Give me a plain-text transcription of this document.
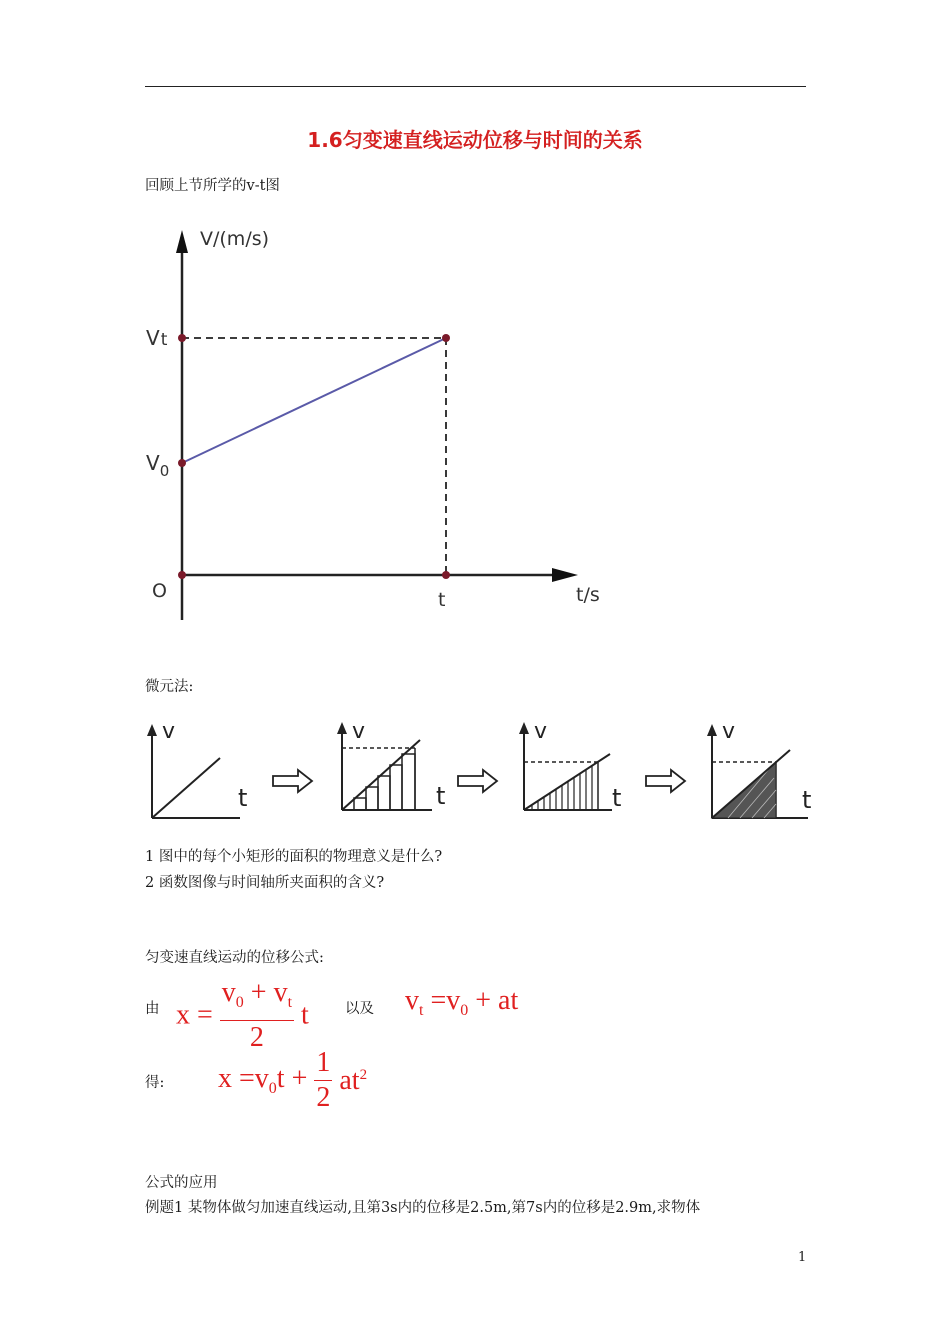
1.6匀变速直线运动位移与时间的关系
回顾上节所学的v-t图
V/(m/s)
t/s
O	t
Vt
$V_0$
微元法:
v
t
v
t
v
t
v
t
1 图中的每个小矩形的面积的物理意义是什么?
2 函数图像与时间轴所夹面积的含义?
匀变速直线运动的位移公式:
由 $x = \frac{v_0 + v_t}{2}$ t 以及 $v_t =v_0$ + at
得: $x =v_0t + \frac{1}{2} at^2$
公式的应用
例题1 某物体做匀加速直线运动,且第3s内的位移是2.5m,第7s内的位移是2.9m,求物体
1
